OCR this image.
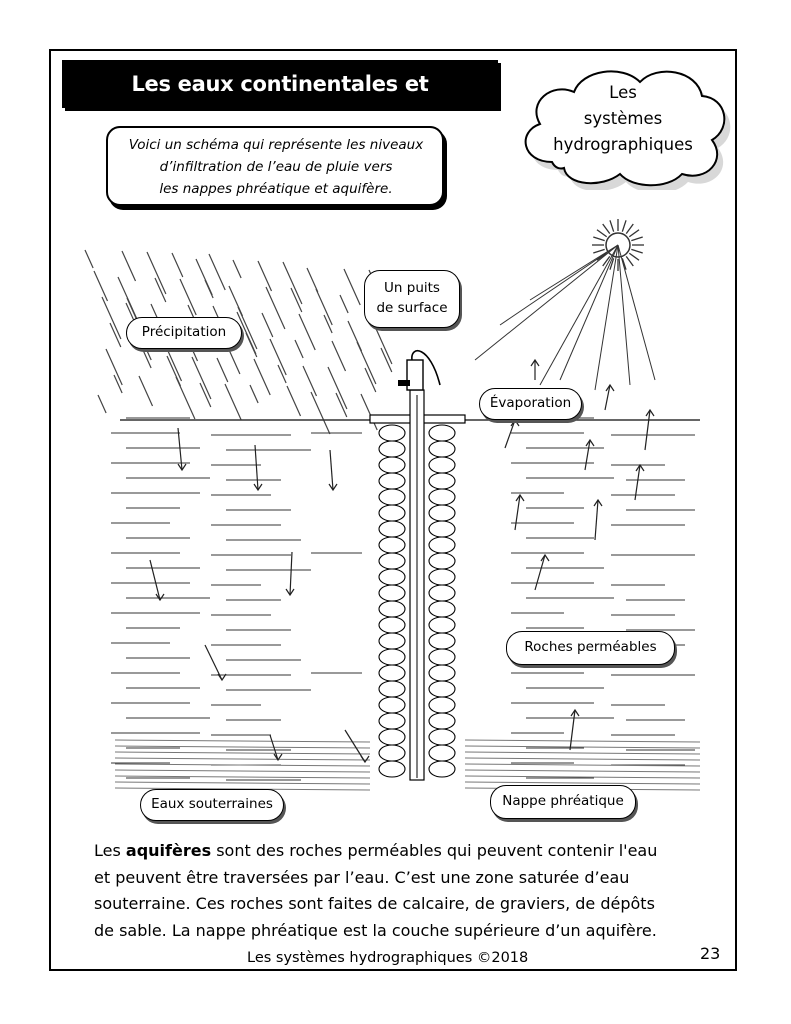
Les eaux continentales et	Les
systèmes
hydrographiques
Voici un schéma qui représente les niveaux
d’infiltration de l’eau de pluie vers
les nappes phréatique et aquifère.
Précipitation
Un puits
de surface
Évaporation
Roches perméables
Eaux souterraines	Nappe phréatique
Les aquifères sont des roches perméables qui peuvent contenir l'eau
et peuvent être traversées par l’eau. C’est une zone saturée d’eau
souterraine. Ces roches sont faites de calcaire, de graviers, de dépôts
de sable. La nappe phréatique est la couche supérieure d’un aquifère.
Les systèmes hydrographiques ©2018	23
